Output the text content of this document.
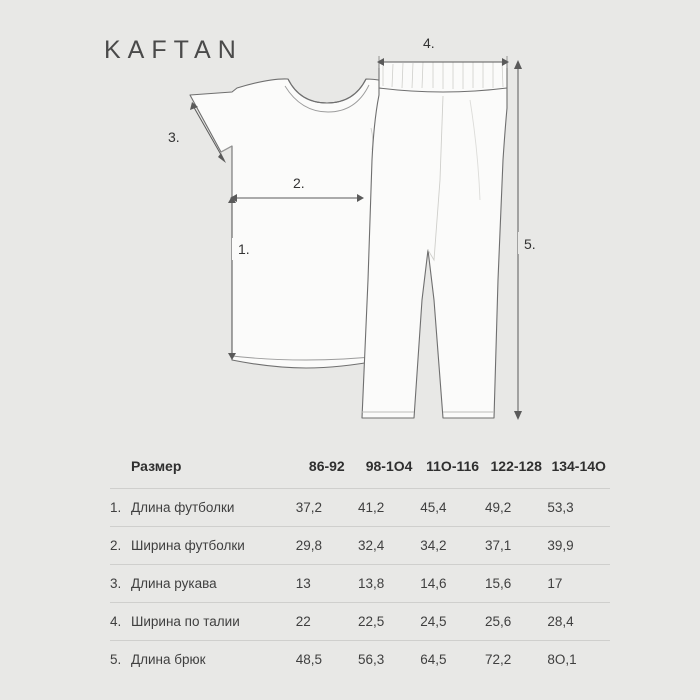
KAFTAN
1.
2.
3.
4.
5.
	Размер	86-92	98-1О4	11О-116	122-128	134-14О
1.	Длина футболки	37,2	41,2	45,4	49,2	53,3
2.	Ширина футболки	29,8	32,4	34,2	37,1	39,9
3.	Длина рукава	13	13,8	14,6	15,6	17
4.	Ширина по талии	22	22,5	24,5	25,6	28,4
5.	Длина брюк	48,5	56,3	64,5	72,2	8О,1
